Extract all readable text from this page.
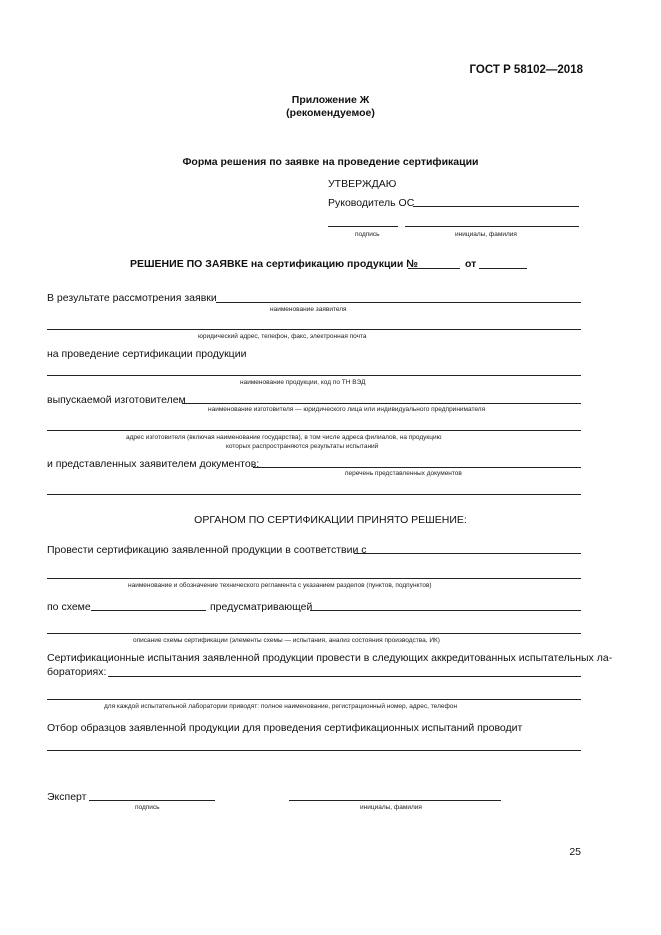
ГОСТ Р 58102—2018
Приложение Ж
(рекомендуемое)
Форма решения по заявке на проведение сертификации
УТВЕРЖДАЮ
Руководитель ОС
подпись	инициалы, фамилия
РЕШЕНИЕ ПО ЗАЯВКЕ на сертификацию продукции №	от
В результате рассмотрения заявки
наименование заявителя
юридический адрес, телефон, факс, электронная почта
на проведение сертификации продукции
наименование продукции, код по ТН ВЭД
выпускаемой изготовителем
наименование изготовителя — юридического лица или индивидуального предпринимателя
адрес изготовителя (включая наименование государства), в том числе адреса филиалов, на продукцию
которых распространяются результаты испытаний
и представленных заявителем документов:
перечень представленных документов
ОРГАНОМ ПО СЕРТИФИКАЦИИ ПРИНЯТО РЕШЕНИЕ:
Провести сертификацию заявленной продукции в соответствии с
наименование и обозначение технического регламента с указанием разделов (пунктов, подпунктов)
по схеме	предусматривающей
описание схемы сертификации (элементы схемы — испытания, анализ состояния производства, ИК)
Сертификационные испытания заявленной продукции провести в следующих аккредитованных испытательных ла-
бораториях:
для каждой испытательной лаборатории приводят: полное наименование, регистрационный номер, адрес, телефон
Отбор образцов заявленной продукции для проведения сертификационных испытаний проводит
Эксперт
подпись	инициалы, фамилия
25
